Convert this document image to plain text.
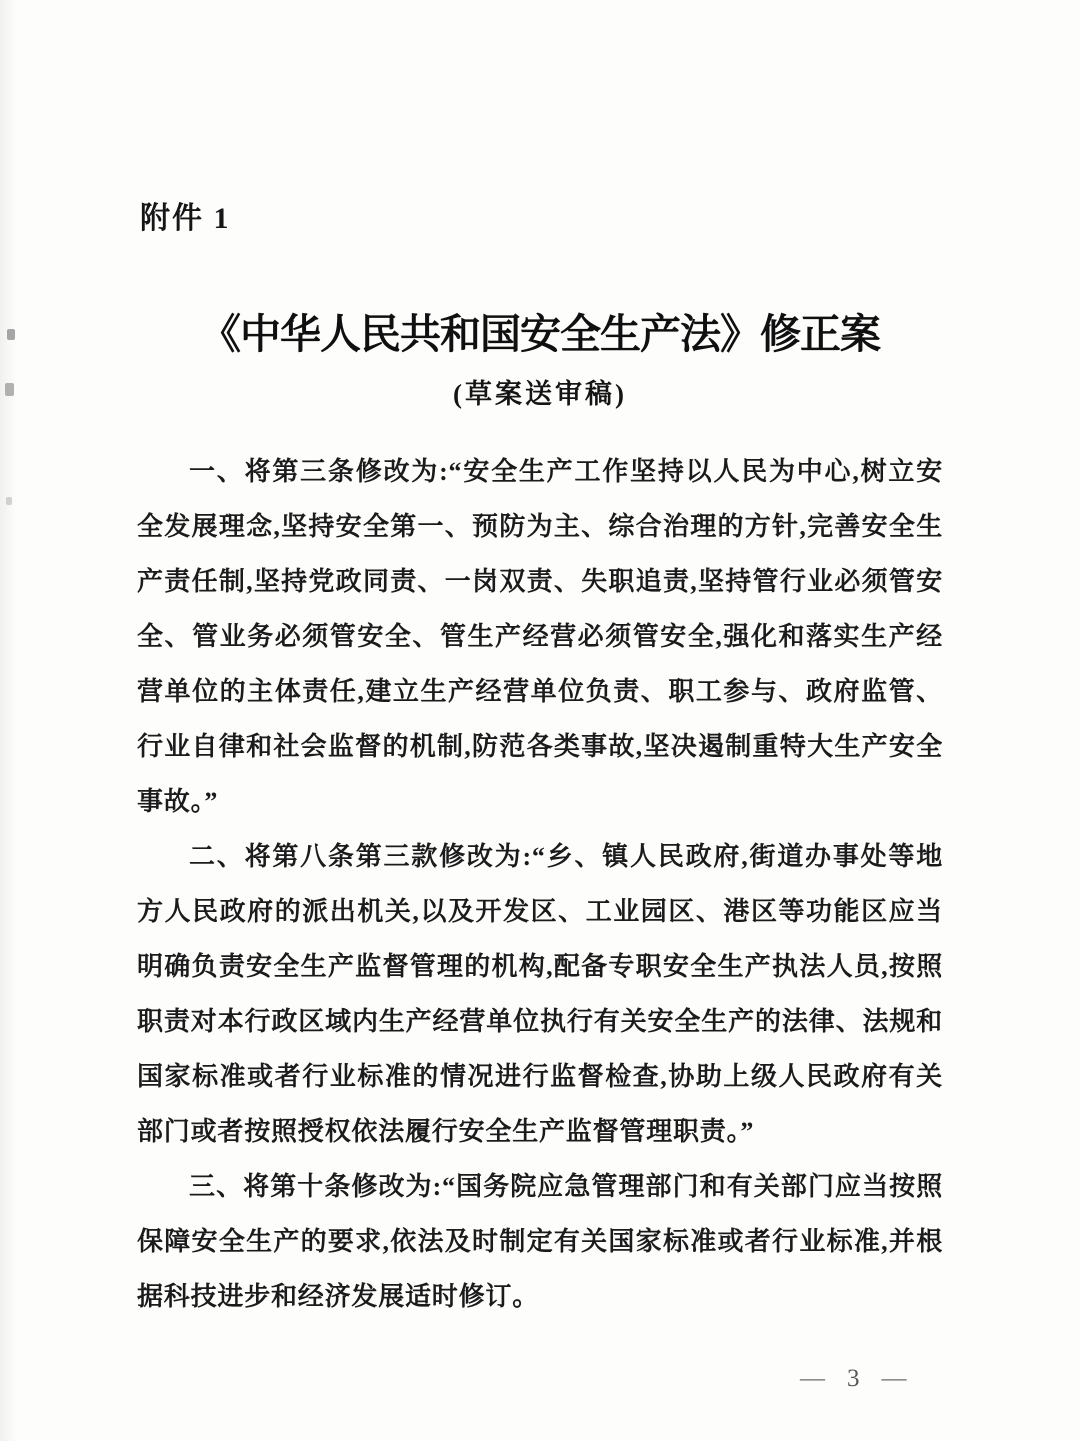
附件 1
《中华人民共和国安全生产法》修正案
(草案送审稿)

一、将第三条修改为:“安全生产工作坚持以人民为中心,树立安全发展理念,坚持安全第一、预防为主、综合治理的方针,完善安全生产责任制,坚持党政同责、一岗双责、失职追责,坚持管行业必须管安全、管业务必须管安全、管生产经营必须管安全,强化和落实生产经营单位的主体责任,建立生产经营单位负责、职工参与、政府监管、行业自律和社会监督的机制,防范各类事故,坚决遏制重特大生产安全事故。”

二、将第八条第三款修改为:“乡、镇人民政府,街道办事处等地方人民政府的派出机关,以及开发区、工业园区、港区等功能区应当明确负责安全生产监督管理的机构,配备专职安全生产执法人员,按照职责对本行政区域内生产经营单位执行有关安全生产的法律、法规和国家标准或者行业标准的情况进行监督检查,协助上级人民政府有关部门或者按照授权依法履行安全生产监督管理职责。”

三、将第十条修改为:“国务院应急管理部门和有关部门应当按照保障安全生产的要求,依法及时制定有关国家标准或者行业标准,并根据科技进步和经济发展适时修订。

— 3 —
